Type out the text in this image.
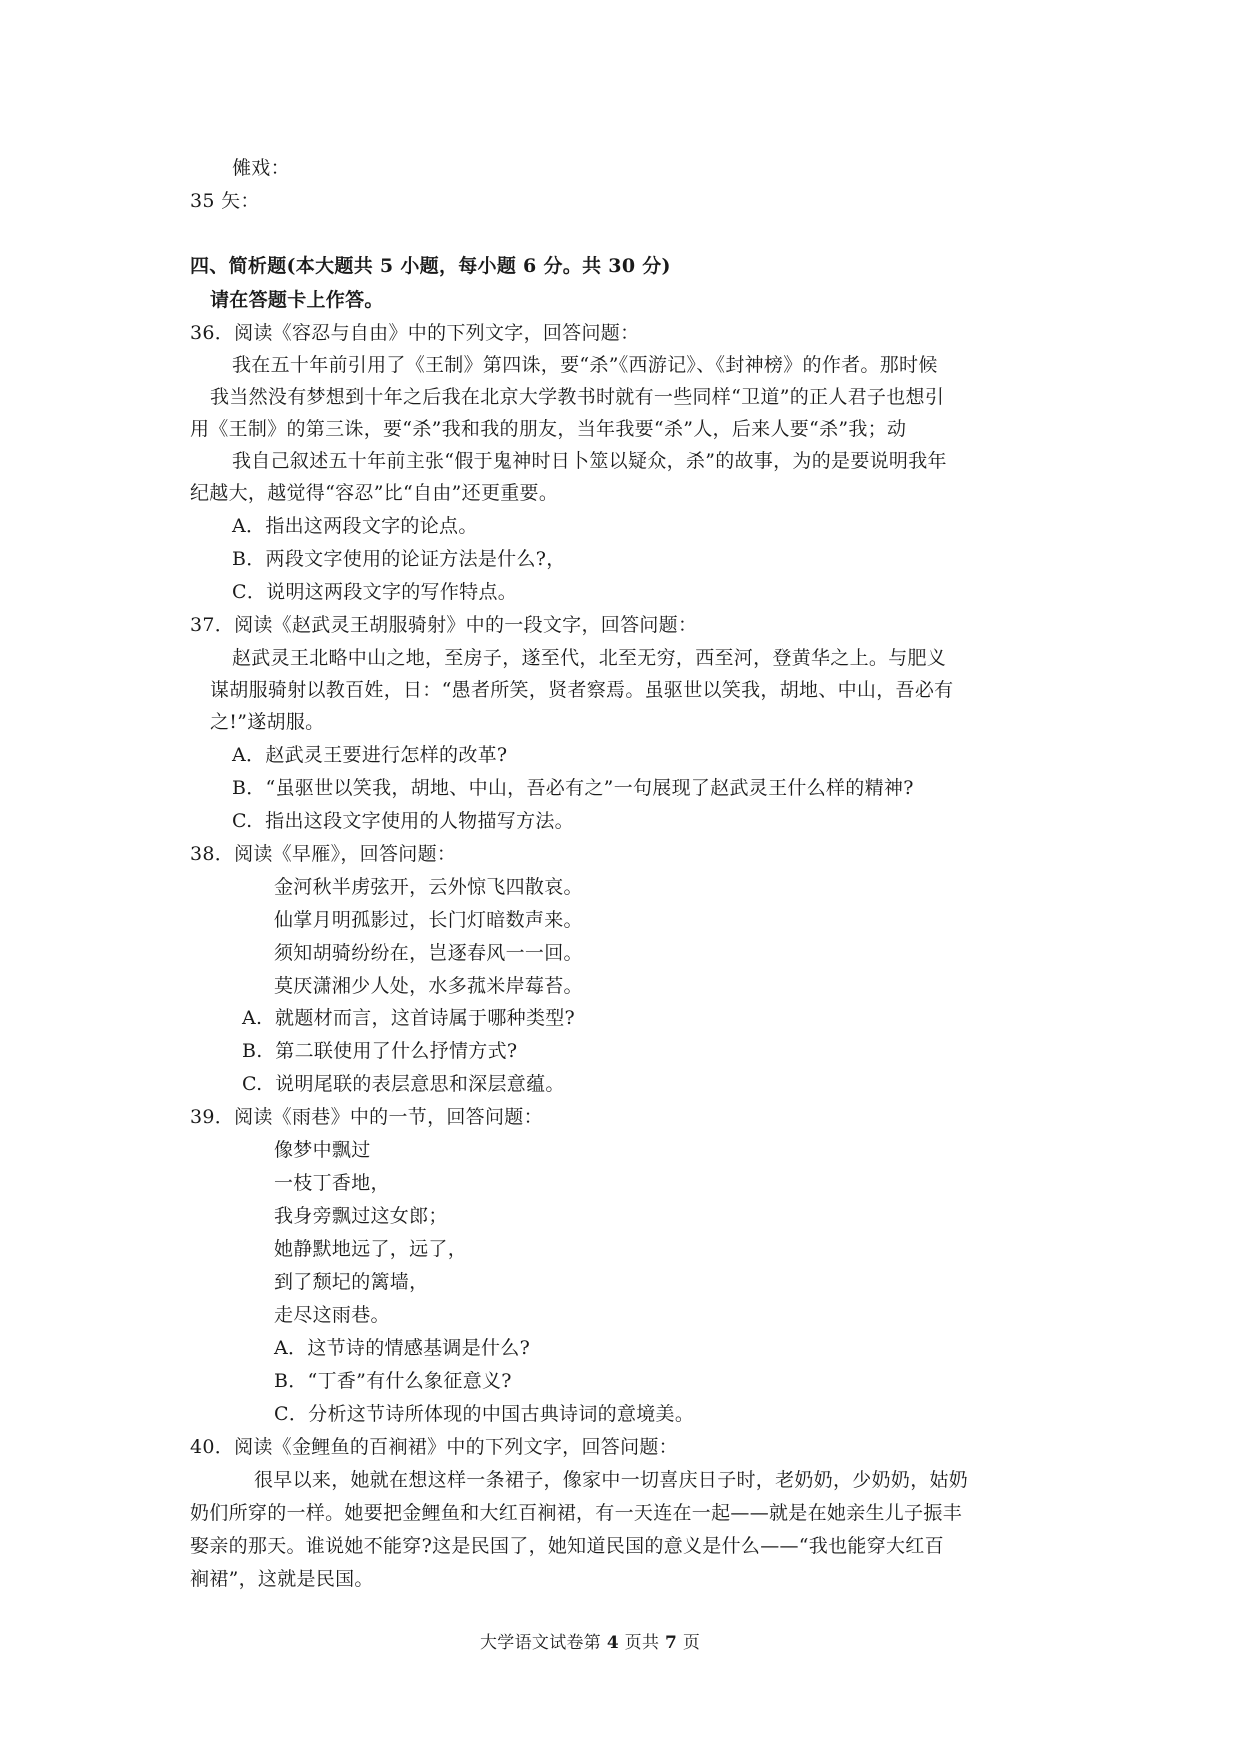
傩戏：
35 矢：
四、简析题(本大题共 5 小题，每小题 6 分。共 30 分)
请在答题卡上作答。
36．阅读《容忍与自由》中的下列文字，回答问题：
我在五十年前引用了《王制》第四诛，要“杀”《西游记》、《封神榜》的作者。那时候
我当然没有梦想到十年之后我在北京大学教书时就有一些同样“卫道”的正人君子也想引
用《王制》的第三诛，要“杀”我和我的朋友，当年我要“杀”人，后来人要“杀”我；动
我自己叙述五十年前主张“假于鬼神时日卜筮以疑众，杀”的故事，为的是要说明我年
纪越大，越觉得“容忍”比“自由”还更重要。
A．指出这两段文字的论点。
B．两段文字使用的论证方法是什么?，
C．说明这两段文字的写作特点。
37．阅读《赵武灵王胡服骑射》中的一段文字，回答问题：
赵武灵王北略中山之地，至房子，遂至代，北至无穷，西至河，登黄华之上。与肥义
谋胡服骑射以教百姓，日：“愚者所笑，贤者察焉。虽驱世以笑我，胡地、中山，吾必有
之!”遂胡服。
A．赵武灵王要进行怎样的改革?
B．“虽驱世以笑我，胡地、中山，吾必有之”一句展现了赵武灵王什么样的精神?
C.  指出这段文字使用的人物描写方法。
38．阅读《早雁》，回答问题：
金河秋半虏弦开，云外惊飞四散哀。
仙掌月明孤影过，长门灯暗数声来。
须知胡骑纷纷在，岂逐春风一一回。
莫厌潇湘少人处，水多菰米岸莓苔。
A.  就题材而言，这首诗属于哪种类型?
B.  第二联使用了什么抒情方式?
C.  说明尾联的表层意思和深层意蕴。
39．阅读《雨巷》中的一节，回答问题：
像梦中飘过
一枝丁香地，
我身旁飘过这女郎；
她静默地远了，远了，
到了颓圮的篱墙，
走尽这雨巷。
A．这节诗的情感基调是什么?
B．“丁香”有什么象征意义?
C．分析这节诗所体现的中国古典诗词的意境美。
40．阅读《金鲤鱼的百裥裙》中的下列文字，回答问题：
很早以来，她就在想这样一条裙子，像家中一切喜庆日子时，老奶奶，少奶奶，姑奶
奶们所穿的一样。她要把金鲤鱼和大红百裥裙，有一天连在一起——就是在她亲生儿子振丰
娶亲的那天。谁说她不能穿?这是民国了，她知道民国的意义是什么——“我也能穿大红百
裥裙”，这就是民国。
大学语文试卷第 4 页共 7 页
